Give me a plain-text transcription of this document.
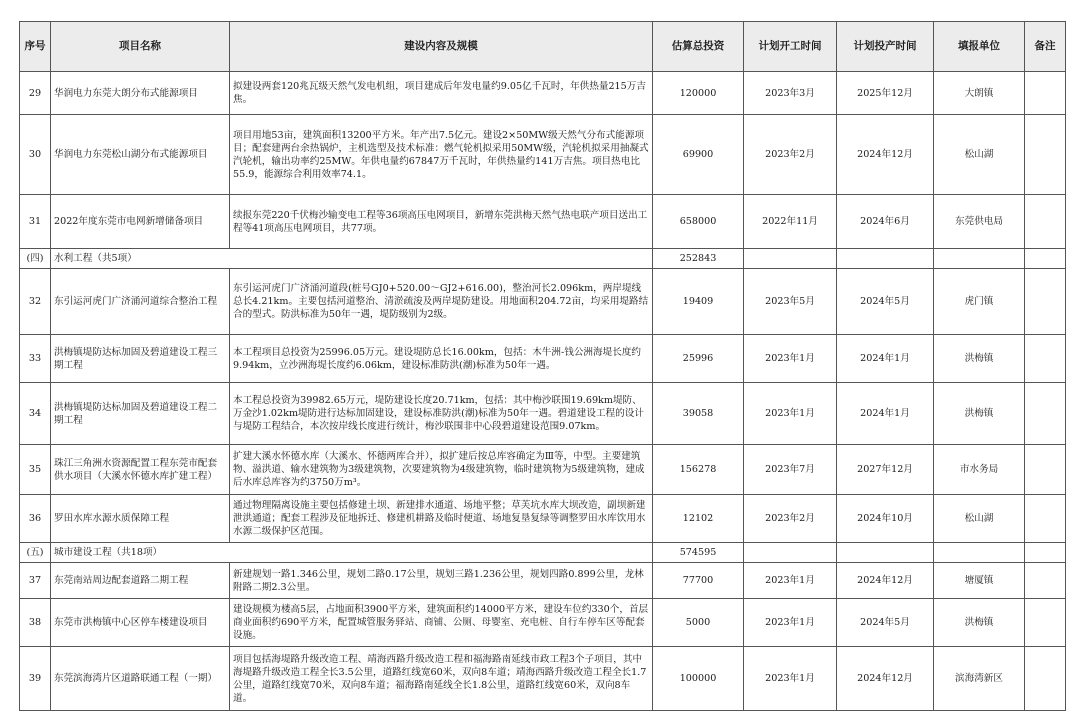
序号	项目名称	建设内容及规模	估算总投资	计划开工时间	计划投产时间	填报单位	备注
29	华润电力东莞大朗分布式能源项目	拟建设两套120兆瓦级天然气发电机组，项目建成后年发电量约9.05亿千瓦时，年供热量215万吉焦。	120000	2023年3月	2025年12月	大朗镇	
30	华润电力东莞松山湖分布式能源项目	项目用地53亩，建筑面积13200平方米。年产出7.5亿元。建设2×50MW级天然气分布式能源项目；配套建两台余热锅炉，主机选型及技术标准：燃气轮机拟采用50MW级，汽轮机拟采用抽凝式汽轮机，输出功率约25MW。年供电量约67847万千瓦时，年供热量约141万吉焦。项目热电比55.9，能源综合利用效率74.1。	69900	2023年2月	2024年12月	松山湖	
31	2022年度东莞市电网新增储备项目	续报东莞220千伏梅沙输变电工程等36项高压电网项目，新增东莞洪梅天然气热电联产项目送出工程等41项高压电网项目，共77项。	658000	2022年11月	2024年6月	东莞供电局	
(四)	水利工程（共5项）		252843				
32	东引运河虎门广济涌河道综合整治工程	东引运河虎门广济涌河道段(桩号GJ0+520.00～GJ2+616.00)，整治河长2.096km，两岸堤线总长4.21km。主要包括河道整治、清淤疏浚及两岸堤防建设。用地面积204.72亩，均采用堤路结合的型式。防洪标准为50年一遇，堤防级别为2级。	19409	2023年5月	2024年5月	虎门镇	
33	洪梅镇堤防达标加固及碧道建设工程三期工程	本工程项目总投资为25996.05万元。建设堤防总长16.00km，包括：木牛洲-钱公洲海堤长度约9.94km，立沙洲海堤长度约6.06km，建设标准防洪(潮)标准为50年一遇。	25996	2023年1月	2024年1月	洪梅镇	
34	洪梅镇堤防达标加固及碧道建设工程二期工程	本工程总投资为39982.65万元，堤防建设长度20.71km，包括：其中梅沙联围19.69km堤防、万金沙1.02km堤防进行达标加固建设，建设标准防洪(潮)标准为50年一遇。碧道建设工程的设计与堤防工程结合，本次按岸线长度进行统计，梅沙联围非中心段碧道建设范围9.07km。	39058	2023年1月	2024年1月	洪梅镇	
35	珠江三角洲水资源配置工程东莞市配套供水项目（大溪水怀德水库扩建工程）	扩建大溪水怀德水库（大溪水、怀德两库合并），拟扩建后按总库容确定为Ⅲ等，中型。主要建筑物、溢洪道、输水建筑物为3级建筑物，次要建筑物为4级建筑物，临时建筑物为5级建筑物，建成后水库总库容为约3750万m³。	156278	2023年7月	2027年12月	市水务局	
36	罗田水库水源水质保障工程	通过物理隔离设施主要包括修建土坝、新建排水通道、场地平整；草芙坑水库大坝改造，副坝新建泄洪通道；配套工程涉及征地拆迁、修建机耕路及临时便道、场地复垦复绿等调整罗田水库饮用水水源二级保护区范围。	12102	2023年2月	2024年10月	松山湖	
(五)	城市建设工程（共18项）		574595				
37	东莞南站周边配套道路二期工程	新建规划一路1.346公里，规划二路0.17公里，规划三路1.236公里，规划四路0.899公里，龙林附路二期2.3公里。	77700	2023年1月	2024年12月	塘厦镇	
38	东莞市洪梅镇中心区停车楼建设项目	建设规模为楼高5层，占地面积3900平方米，建筑面积约14000平方米，建设车位约330个，首层商业面积约690平方米，配置城管服务驿站、商铺、公厕、母婴室、充电桩、自行车停车区等配套设施。	5000	2023年1月	2024年5月	洪梅镇	
39	东莞滨海湾片区道路联通工程（一期）	项目包括海堤路升级改造工程、靖海西路升级改造工程和福海路南延线市政工程3个子项目，其中海堤路升级改造工程全长3.5公里，道路红线宽60米，双向8车道；靖海西路升级改造工程全长1.7公里，道路红线宽70米，双向8车道；福海路南延线全长1.8公里，道路红线宽60米，双向8车道。	100000	2023年1月	2024年12月	滨海湾新区	
